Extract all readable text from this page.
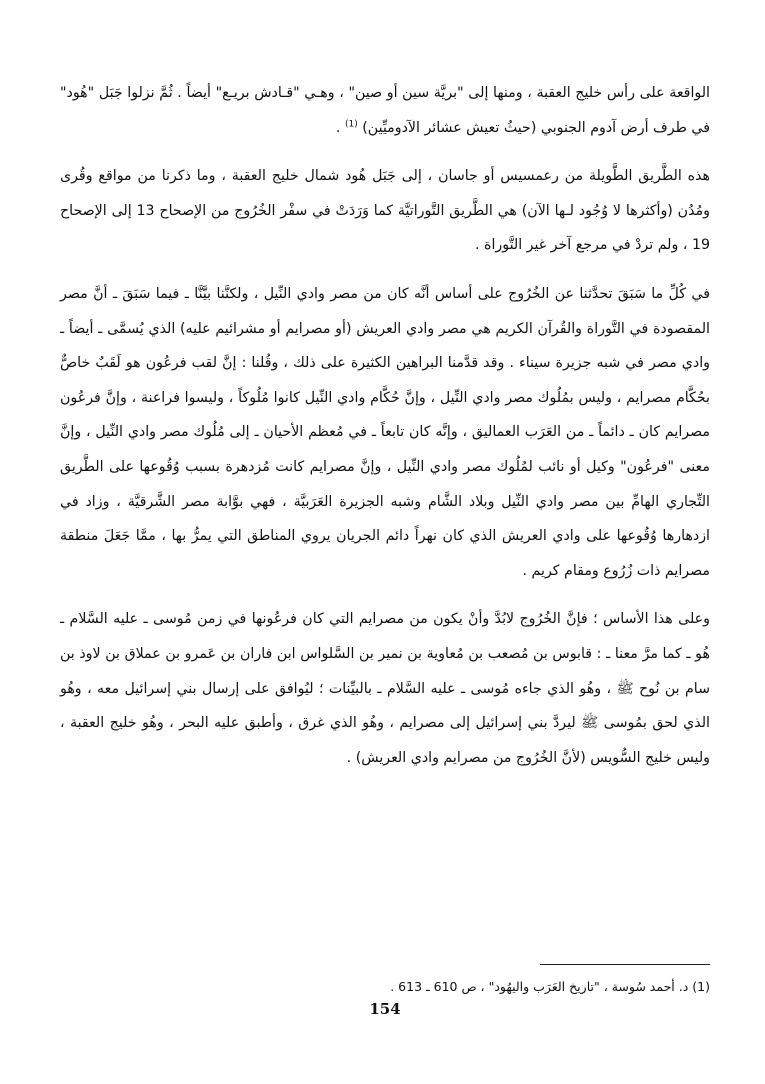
الواقعة على رأس خليج العقبة ، ومنها إلى "بريَّة سين أو صين" ، وهـي "قـادش بريـع" أيضاً . ثُمَّ نزلوا جَبَل "هُود" في طرف أرض آدوم الجنوبي (حيثُ تعيش عشائر الآدوميِّين) $^{(1)}$ .

هذه الطَّريق الطَّويلة من رعمسيس أو جاسان ، إلى جَبَل هُود شمال خليج العقبة ، وما ذكرنا من مواقع وقُرى ومُدُن (وأكثرها لا وُجُود لـها الآن) هي الطَّريق التَّوراتيَّة كما وَرَدَتْ في سفْر الخُرُوج من الإصحاح 13 إلى الإصحاح 19 ، ولم تردْ في مرجع آخر غير التَّوراة .

في كُلِّ ما سَبَقَ تحدَّثنا عن الخُرُوج على أساس أنَّه كان من مصر وادي النِّيل ، ولكنَّنا بيَّنَّا ـ فيما سَبَقَ ـ أنَّ مصر المقصودة في التَّوراة والقُرآن الكريم هي مصر وادي العريش (أو مصرايم أو مشرائيم عليه) الذي يُسمَّى ـ أيضاً ـ وادي مصر في شبه جزيرة سيناء . وقد قدَّمنا البراهين الكثيرة على ذلك ، وقُلنا : إنَّ لقب فرعُون هو لَقَبٌ خاصٌّ بحُكَّام مصرايم ، وليس بمُلُوك مصر وادي النِّيل ، وإنَّ حُكَّام وادي النِّيل كانوا مُلُوكاً ، وليسوا فراعنة ، وإنَّ فرعُون مصرايم كان ـ دائماً ـ من العَرَب العماليق ، وإنَّه كان تابعاً ـ في مُعظم الأحيان ـ إلى مُلُوك مصر وادي النِّيل ، وإنَّ معنى "فرعُون" وكيل أو نائب لمُلُوك مصر وادي النِّيل ، وإنَّ مصرايم كانت مُزدهرة بسبب وُقُوعها على الطَّريق التِّجاري الهامِّ بين مصر وادي النِّيل وبلاد الشَّام وشبه الجزيرة العَرَبيَّة ، فهي بوَّابة مصر الشَّرقيَّة ، وزاد في ازدهارها وُقُوعها على وادي العريش الذي كان نهراً دائم الجريان يروي المناطق التي يمرُّ بها ، ممَّا جَعَلَ منطقة مصرايم ذات زُرُوع ومقام كريم .

وعلى هذا الأساس ؛ فإنَّ الخُرُوج لابُدَّ وأنْ يكون من مصرايم التي كان فرعُونها في زمن مُوسى ـ عليه السَّلام ـ هُو ـ كما مرَّ معنا ـ : قابوس بن مُصعب بن مُعاوية بن نمير بن السَّلواس ابن فاران بن عَمرو بن عملاق بن لاوذ بن سام بن نُوح ﷺ ، وهُو الذي جاءه مُوسى ـ عليه السَّلام ـ بالبيِّنات ؛ ليُوافق على إرسال بني إسرائيل معه ، وهُو الذي لحق بمُوسى ﷺ ليردَّ بني إسرائيل إلى مصرايم ، وهُو الذي غرق ، وأطبق عليه البحر ، وهُو خليج العقبة ، وليس خليج السُّويس (لأنَّ الخُرُوج من مصرايم وادي العريش) .

(1) د. أحمد سُوسة ، "تاريخ العَرَب واليهُود" ، ص 610 ـ 613 .

154
